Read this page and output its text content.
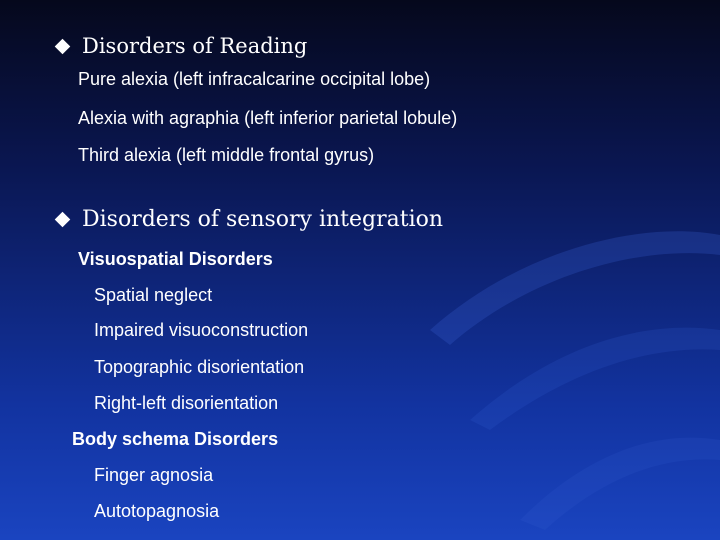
Disorders of Reading
Pure alexia (left infracalcarine occipital lobe)
Alexia with agraphia (left inferior parietal lobule)
Third alexia (left middle frontal gyrus)
Disorders of sensory integration
Visuospatial Disorders
Spatial neglect
Impaired visuoconstruction
Topographic disorientation
Right-left disorientation
Body schema Disorders
Finger agnosia
Autotopagnosia
